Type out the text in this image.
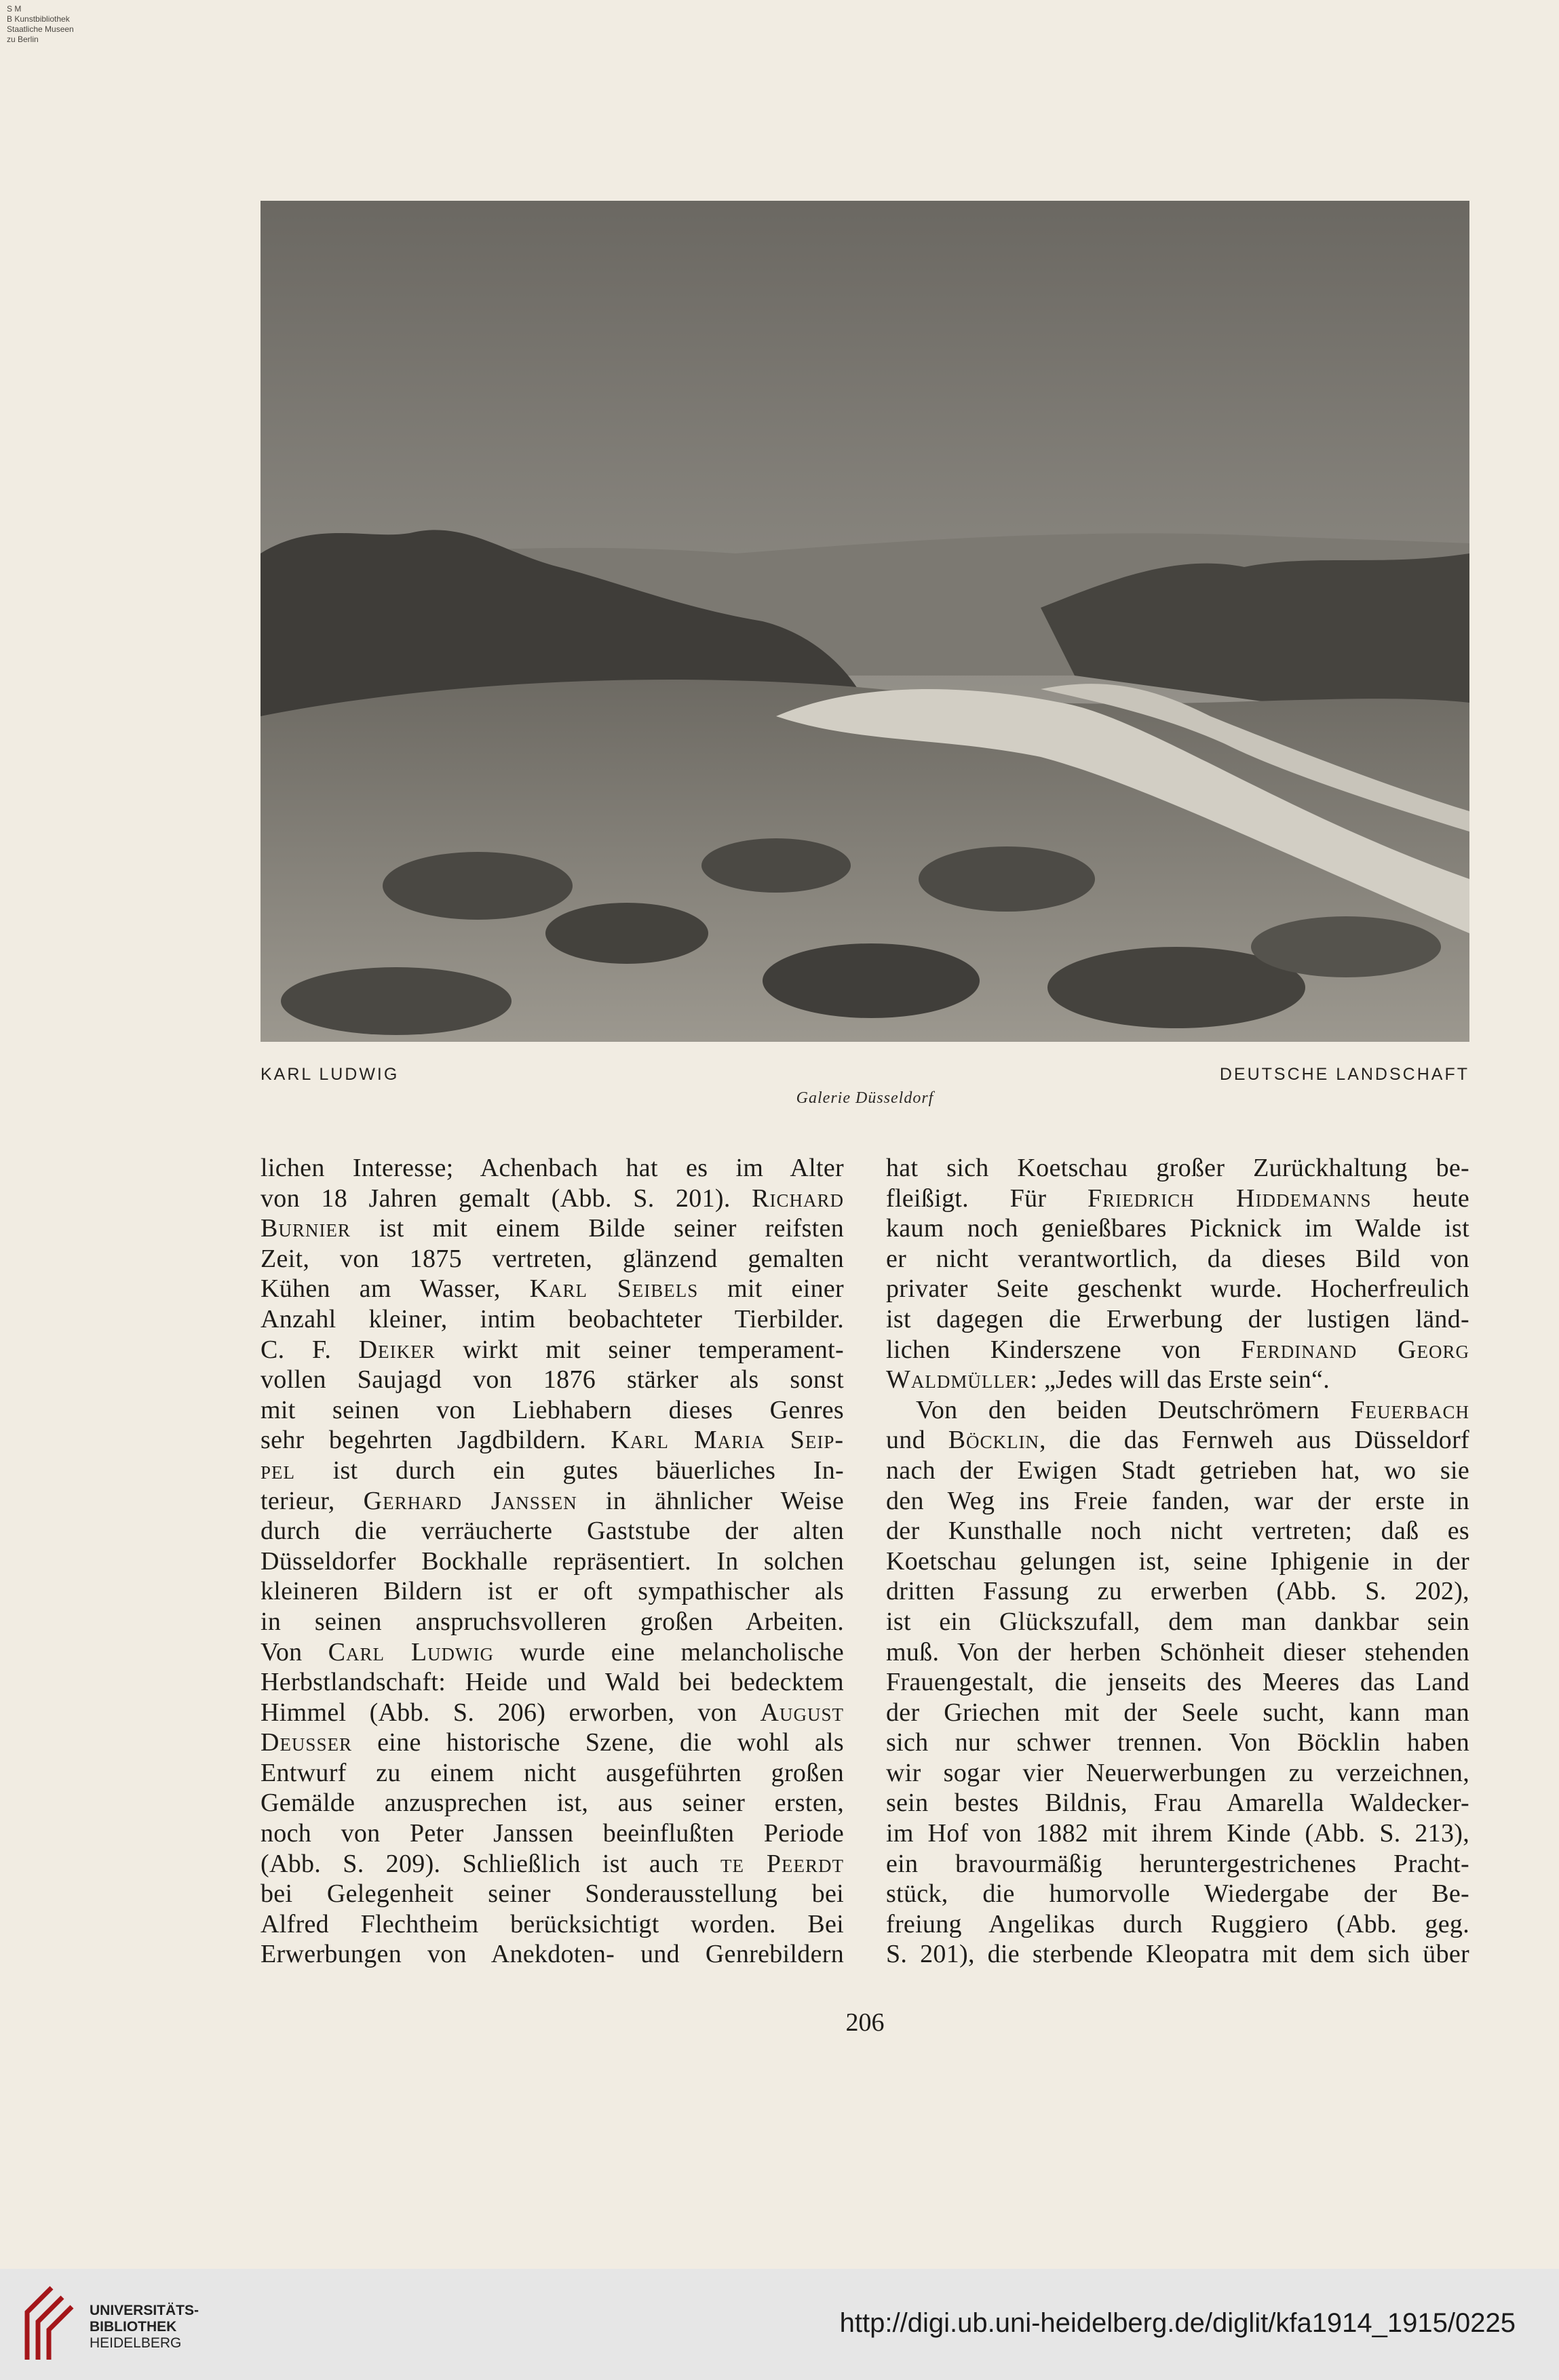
S M
B Kunstbibliothek
Staatliche Museen
zu Berlin
KARL LUDWIG	DEUTSCHE LANDSCHAFT
Galerie Düsseldorf
lichen Interesse; Achenbach hat es im Alter
von 18 Jahren gemalt (Abb. S. 201). Richard
Burnier ist mit einem Bilde seiner reifsten
Zeit, von 1875 vertreten, glänzend gemalten
Kühen am Wasser, Karl Seibels mit einer
Anzahl kleiner, intim beobachteter Tierbilder.
C. F. Deiker wirkt mit seiner temperament-
vollen Saujagd von 1876 stärker als sonst
mit seinen von Liebhabern dieses Genres
sehr begehrten Jagdbildern. Karl Maria Seip-
pel ist durch ein gutes bäuerliches In-
terieur, Gerhard Janssen in ähnlicher Weise
durch die verräucherte Gaststube der alten
Düsseldorfer Bockhalle repräsentiert. In solchen
kleineren Bildern ist er oft sympathischer als
in seinen anspruchsvolleren großen Arbeiten.
Von Carl Ludwig wurde eine melancholische
Herbstlandschaft: Heide und Wald bei bedecktem
Himmel (Abb. S. 206) erworben, von August
Deusser eine historische Szene, die wohl als
Entwurf zu einem nicht ausgeführten großen
Gemälde anzusprechen ist, aus seiner ersten,
noch von Peter Janssen beeinflußten Periode
(Abb. S. 209). Schließlich ist auch te Peerdt
bei Gelegenheit seiner Sonderausstellung bei
Alfred Flechtheim berücksichtigt worden. Bei
Erwerbungen von Anekdoten- und Genrebildern
hat sich Koetschau großer Zurückhaltung be-
fleißigt. Für Friedrich Hiddemanns heute
kaum noch genießbares Picknick im Walde ist
er nicht verantwortlich, da dieses Bild von
privater Seite geschenkt wurde. Hocherfreulich
ist dagegen die Erwerbung der lustigen länd-
lichen Kinderszene von Ferdinand Georg
Waldmüller: „Jedes will das Erste sein“.
Von den beiden Deutschrömern Feuerbach
und Böcklin, die das Fernweh aus Düsseldorf
nach der Ewigen Stadt getrieben hat, wo sie
den Weg ins Freie fanden, war der erste in
der Kunsthalle noch nicht vertreten; daß es
Koetschau gelungen ist, seine Iphigenie in der
dritten Fassung zu erwerben (Abb. S. 202),
ist ein Glückszufall, dem man dankbar sein
muß. Von der herben Schönheit dieser stehenden
Frauengestalt, die jenseits des Meeres das Land
der Griechen mit der Seele sucht, kann man
sich nur schwer trennen. Von Böcklin haben
wir sogar vier Neuerwerbungen zu verzeichnen,
sein bestes Bildnis, Frau Amarella Waldecker-
im Hof von 1882 mit ihrem Kinde (Abb. S. 213),
ein bravourmäßig heruntergestrichenes Pracht-
stück, die humorvolle Wiedergabe der Be-
freiung Angelikas durch Ruggiero (Abb. geg.
S. 201), die sterbende Kleopatra mit dem sich über
206
UNIVERSITÄTS-
BIBLIOTHEK
HEIDELBERG
http://digi.ub.uni-heidelberg.de/diglit/kfa1914_1915/0225
